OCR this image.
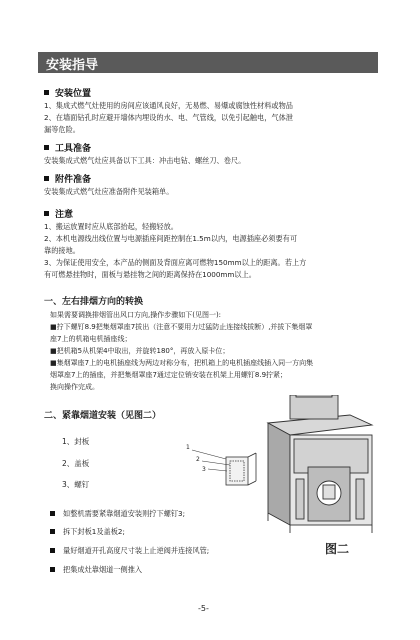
安装指导
安装位置
1、集成式燃气灶使用的房间应该通风良好，无易燃、易爆或腐蚀性材料或物品
2、在墙面钻孔时应避开墙体内埋设的水、电、气管线，以免引起触电，气体泄
漏等危险。
工具准备
安装集成式燃气灶应具备以下工具：冲击电钻、螺丝刀、卷尺。
附件准备
安装集成式燃气灶应准备附件见装箱单。
注意
1、搬运放置时应从底部抬起，轻搬轻放。
2、本机电源线出线位置与电源插座间距控制在1.5m以内，电源插座必须要有可
靠的接地。
3、为保证使用安全，本产品的侧面及背面应离可燃物150mm以上的距离。若上方
有可燃悬挂物时，面板与悬挂物之间的距离保持在1000mm以上。
一、左右排烟方向的转换
如果需要调换排烟管出风口方向,操作步骤如下(见图一):
■拧下螺钉8.9把集烟罩座7拔出（注意不要用力过猛防止连接线拔断）,并拔下集烟罩
座7上的机箱电机插座线；
■把机箱5从机架4中取出，并旋转180°，再放入原卡位；
■集烟罩座7上的电机插座线为两边对称分布，把机箱上的电机插座线插入同一方向集
烟罩座7上的插座，并把集烟罩座7通过定位销安装在机架上用螺钉8.9拧紧；
换向操作完成。
二、紧靠烟道安装（见图二）
1、封板
2、盖板
3、螺钉
1
2
3
图二
如整机需要紧靠烟道安装则拧下螺钉3;
拆下封板1及盖板2;
量好烟道开孔高度尺寸装上止逆阀并连接风管;
把集成灶靠烟道一侧推入
-5-
